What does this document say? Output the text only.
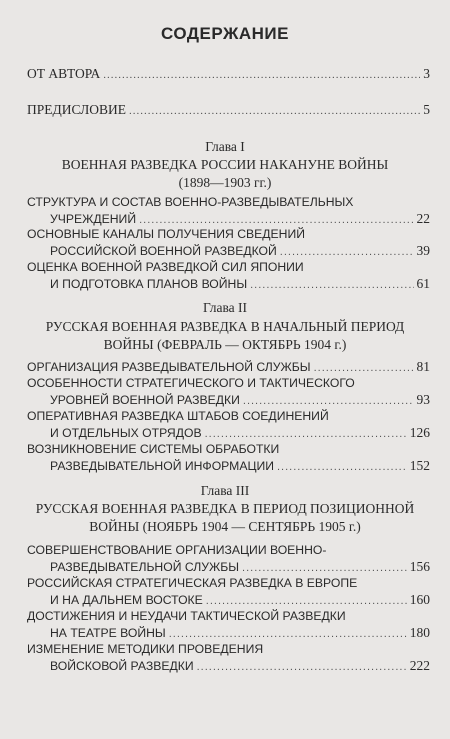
СОДЕРЖАНИЕ
ОТ АВТОРА .....	3
ПРЕДИСЛОВИЕ .....	5
Глава I
ВОЕННАЯ РАЗВЕДКА РОССИИ НАКАНУНЕ ВОЙНЫ
(1898—1903 гг.)
СТРУКТУРА И СОСТАВ ВОЕННО-РАЗВЕДЫВАТЕЛЬНЫХ
УЧРЕЖДЕНИЙ .....	22
ОСНОВНЫЕ КАНАЛЫ ПОЛУЧЕНИЯ СВЕДЕНИЙ
РОССИЙСКОЙ ВОЕННОЙ РАЗВЕДКОЙ .....	39
ОЦЕНКА ВОЕННОЙ РАЗВЕДКОЙ СИЛ ЯПОНИИ
И ПОДГОТОВКА ПЛАНОВ ВОЙНЫ .....	61
Глава II
РУССКАЯ ВОЕННАЯ РАЗВЕДКА В НАЧАЛЬНЫЙ ПЕРИОД
ВОЙНЫ (ФЕВРАЛЬ — ОКТЯБРЬ 1904 г.)
ОРГАНИЗАЦИЯ РАЗВЕДЫВАТЕЛЬНОЙ СЛУЖБЫ .....	81
ОСОБЕННОСТИ СТРАТЕГИЧЕСКОГО И ТАКТИЧЕСКОГО
УРОВНЕЙ ВОЕННОЙ РАЗВЕДКИ .....	93
ОПЕРАТИВНАЯ РАЗВЕДКА ШТАБОВ СОЕДИНЕНИЙ
И ОТДЕЛЬНЫХ ОТРЯДОВ .....	126
ВОЗНИКНОВЕНИЕ СИСТЕМЫ ОБРАБОТКИ
РАЗВЕДЫВАТЕЛЬНОЙ ИНФОРМАЦИИ .....	152
Глава III
РУССКАЯ ВОЕННАЯ РАЗВЕДКА В ПЕРИОД ПОЗИЦИОННОЙ
ВОЙНЫ (НОЯБРЬ 1904 — СЕНТЯБРЬ 1905 г.)
СОВЕРШЕНСТВОВАНИЕ ОРГАНИЗАЦИИ ВОЕННО-
РАЗВЕДЫВАТЕЛЬНОЙ СЛУЖБЫ .....	156
РОССИЙСКАЯ СТРАТЕГИЧЕСКАЯ РАЗВЕДКА В ЕВРОПЕ
И НА ДАЛЬНЕМ ВОСТОКЕ .....	160
ДОСТИЖЕНИЯ И НЕУДАЧИ ТАКТИЧЕСКОЙ РАЗВЕДКИ
НА ТЕАТРЕ ВОЙНЫ .....	180
ИЗМЕНЕНИЕ МЕТОДИКИ ПРОВЕДЕНИЯ
ВОЙСКОВОЙ РАЗВЕДКИ .....	222
